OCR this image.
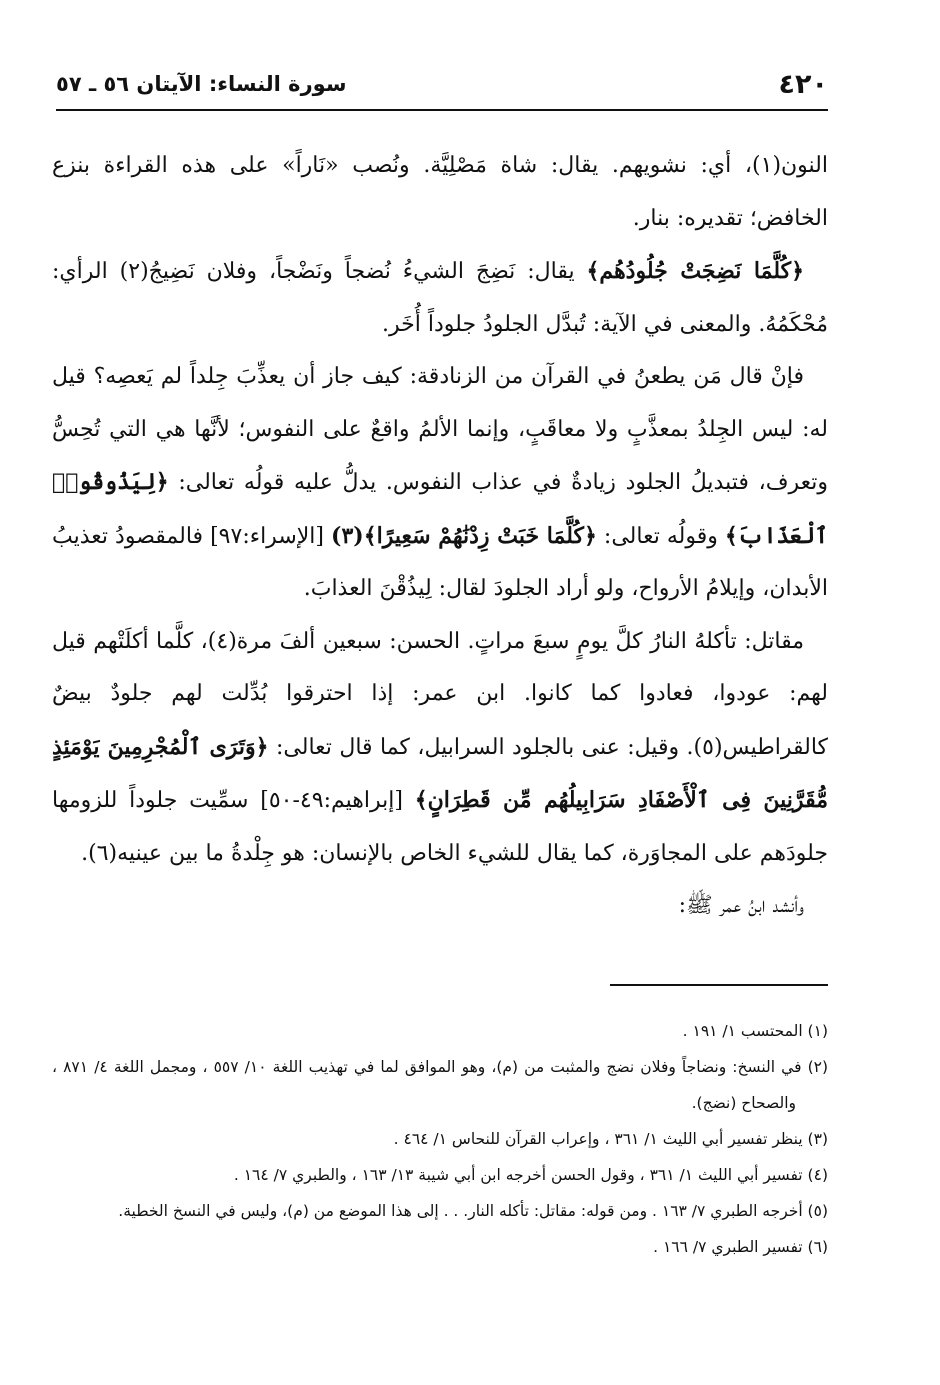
٤٢٠
سورة النساء: الآيتان ٥٦ ـ ٥٧

النون(١)، أي: نشويهم. يقال: شاة مَصْلِيَّة. ونُصب «نَاراً» على هذه القراءة بنزع الخافض؛ تقديره: بنار.

﴿كُلَّمَا نَضِجَتْ جُلُودُهُم﴾ يقال: نَضِجَ الشيءُ نُضجاً ونَضْجاً، وفلان نَضِيجُ(٢) الرأي: مُحْكَمُهُ. والمعنى في الآية: تُبدَّل الجلودُ جلوداً أُخَر.

فإنْ قال مَن يطعنُ في القرآن من الزنادقة: كيف جاز أن يعذِّبَ جِلداً لم يَعصِه؟ قيل له: ليس الجِلدُ بمعذَّبٍ ولا معاقَبٍ، وإنما الألمُ واقعٌ على النفوس؛ لأنَّها هي التي تُحِسُّ وتعرف، فتبديلُ الجلود زيادةٌ في عذاب النفوس. يدلُّ عليه قولُه تعالى: ﴿لِيَذُوقُوا۟ ٱلْعَذَابَ﴾ وقولُه تعالى: ﴿كُلَّمَا خَبَتْ زِدْنَٰهُمْ سَعِيرًا﴾(٣) [الإسراء:٩٧] فالمقصودُ تعذيبُ الأبدان، وإيلامُ الأرواح، ولو أراد الجلودَ لقال: لِيذُقْنَ العذابَ.

مقاتل: تأكلهُ النارُ كلَّ يومٍ سبعَ مراتٍ. الحسن: سبعين ألفَ مرة(٤)، كلَّما أكلَتْهم قيل لهم: عودوا، فعادوا كما كانوا. ابن عمر: إذا احترقوا بُدِّلت لهم جلودٌ بيضٌ كالقراطيس(٥). وقيل: عنى بالجلود السرابيل، كما قال تعالى: ﴿وَتَرَى ٱلْمُجْرِمِينَ يَوْمَئِذٍ مُّقَرَّنِينَ فِى ٱلْأَصْفَادِ سَرَابِيلُهُم مِّن قَطِرَانٍ﴾ [إبراهيم:٤٩-٥٠] سمِّيت جلوداً للزومها جلودَهم على المجاوَرة، كما يقال للشيء الخاص بالإنسان: هو جِلْدةُ ما بين عينيه(٦).

وأنشد ابنُ عمر ﷺ:

(١) المحتسب ١/ ١٩١ .

(٢) في النسخ: ونضاجاً وفلان نضج والمثبت من (م)، وهو الموافق لما في تهذيب اللغة ١٠/ ٥٥٧ ، ومجمل اللغة ٤/ ٨٧١ ، والصحاح (نضج).

(٣) ينظر تفسير أبي الليث ١/ ٣٦١ ، وإعراب القرآن للنحاس ١/ ٤٦٤ .

(٤) تفسير أبي الليث ١/ ٣٦١ ، وقول الحسن أخرجه ابن أبي شيبة ١٣/ ١٦٣ ، والطبري ٧/ ١٦٤ .

(٥) أخرجه الطبري ٧/ ١٦٣ . ومن قوله: مقاتل: تأكله النار. . . إلى هذا الموضع من (م)، وليس في النسخ الخطية.

(٦) تفسير الطبري ٧/ ١٦٦ .
